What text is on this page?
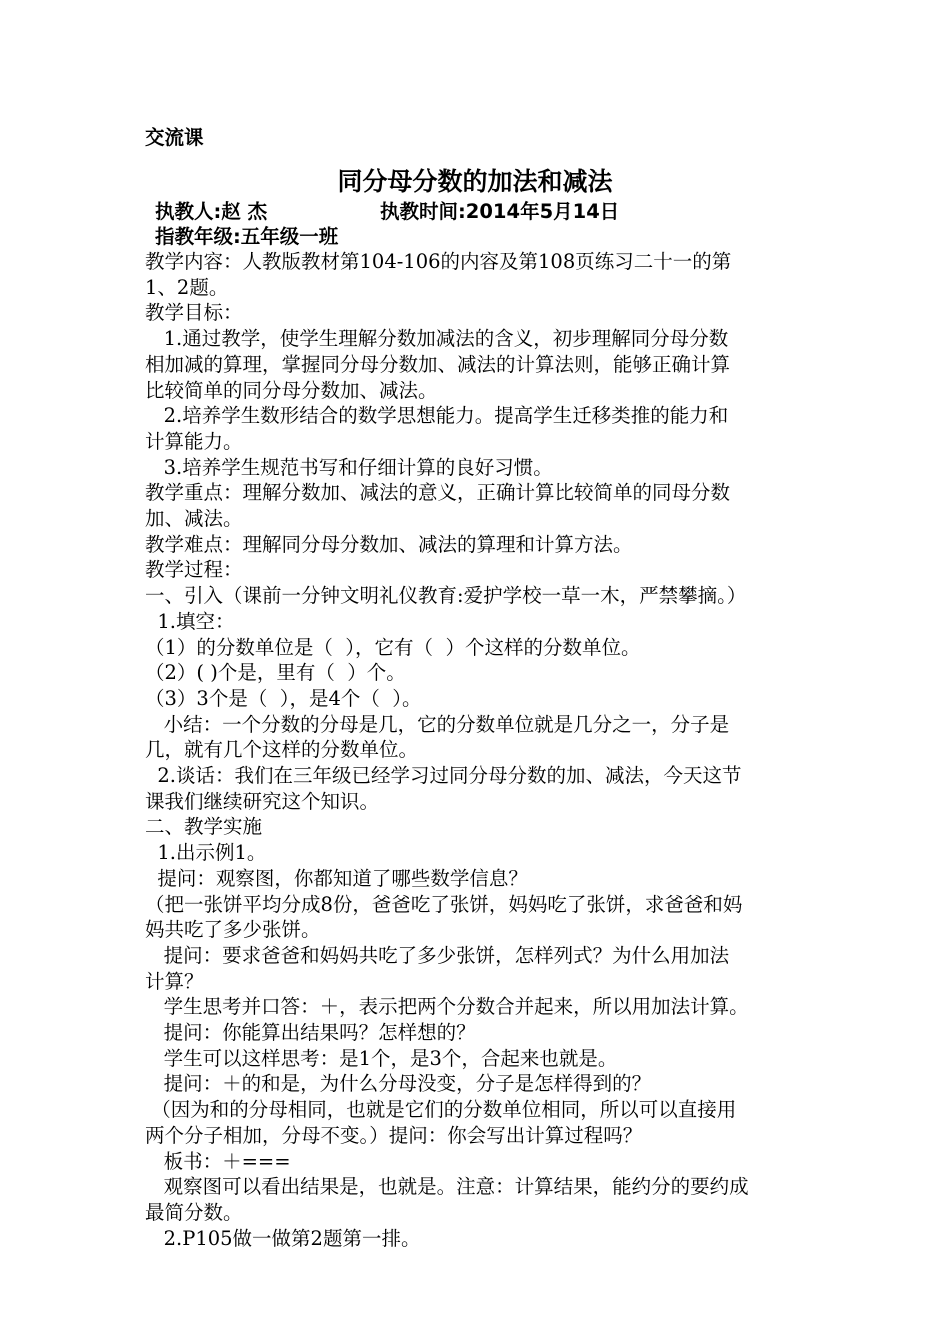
交流课
同分母分数的加法和减法
执教人:赵 杰	执教时间:2014年5月14日
指教年级:五年级一班
教学内容：人教版教材第104-106的内容及第108页练习二十一的第
1、2题。
教学目标：
1.通过教学，使学生理解分数加减法的含义，初步理解同分母分数
相加减的算理，掌握同分母分数加、减法的计算法则，能够正确计算
比较简单的同分母分数加、减法。
2.培养学生数形结合的数学思想能力。提高学生迁移类推的能力和
计算能力。
3.培养学生规范书写和仔细计算的良好习惯。
教学重点：理解分数加、减法的意义，正确计算比较简单的同母分数
加、减法。
教学难点：理解同分母分数加、减法的算理和计算方法。
教学过程：
一、引入（课前一分钟文明礼仪教育:爱护学校一草一木，严禁攀摘。）
1.填空：
（1）的分数单位是（  ），它有（  ）个这样的分数单位。
（2）( )个是，里有（  ）个。
（3）3个是（  ），是4个（  ）。
小结：一个分数的分母是几，它的分数单位就是几分之一，分子是
几，就有几个这样的分数单位。
2.谈话：我们在三年级已经学习过同分母分数的加、减法，今天这节
课我们继续研究这个知识。
二、教学实施
1.出示例1。
提问：观察图，你都知道了哪些数学信息？
（把一张饼平均分成8份，爸爸吃了张饼，妈妈吃了张饼，求爸爸和妈
妈共吃了多少张饼。
提问：要求爸爸和妈妈共吃了多少张饼，怎样列式？为什么用加法
计算？
学生思考并口答：＋，表示把两个分数合并起来，所以用加法计算。
提问：你能算出结果吗？怎样想的？
学生可以这样思考：是1个，是3个，合起来也就是。
提问：＋的和是，为什么分母没变，分子是怎样得到的？
（因为和的分母相同，也就是它们的分数单位相同，所以可以直接用
两个分子相加，分母不变。）提问：你会写出计算过程吗？
板书：＋===
观察图可以看出结果是，也就是。注意：计算结果，能约分的要约成
最简分数。
2.P105做一做第2题第一排。
